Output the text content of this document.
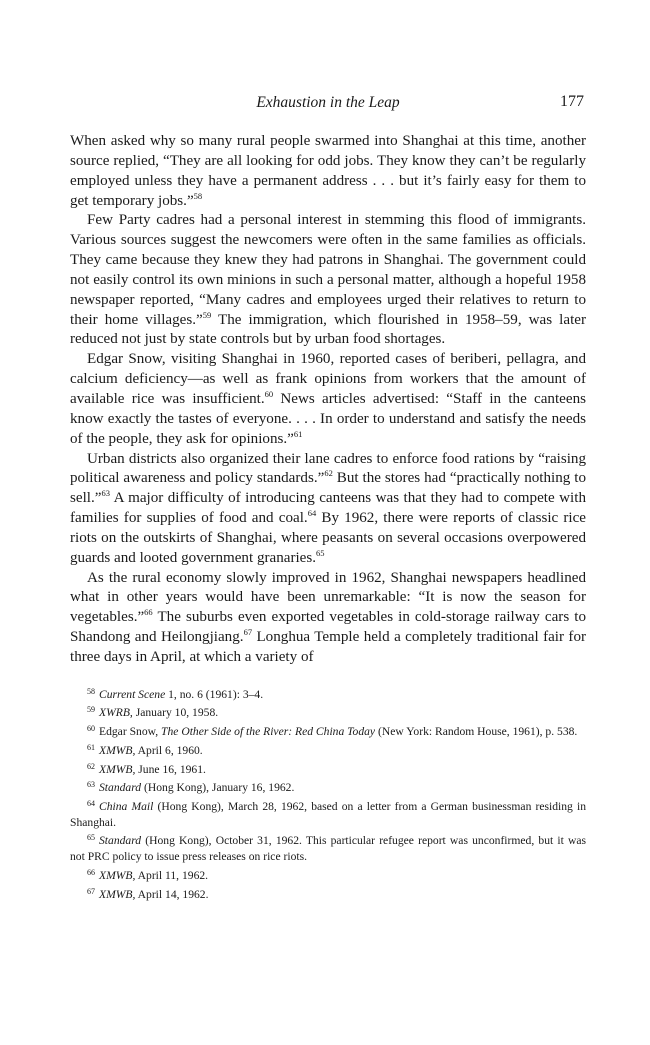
Exhaustion in the Leap	177

When asked why so many rural people swarmed into Shanghai at this time, another source replied, “They are all looking for odd jobs. They know they can’t be regularly employed unless they have a permanent address . . . but it’s fairly easy for them to get temporary jobs.”$^{58}$

Few Party cadres had a personal interest in stemming this flood of immigrants. Various sources suggest the newcomers were often in the same families as officials. They came because they knew they had patrons in Shanghai. The government could not easily control its own minions in such a personal matter, although a hopeful 1958 newspaper reported, “Many cadres and employees urged their relatives to return to their home villages.”$^{59}$ The immigration, which flourished in 1958–59, was later reduced not just by state controls but by urban food shortages.

Edgar Snow, visiting Shanghai in 1960, reported cases of beriberi, pellagra, and calcium deficiency—as well as frank opinions from workers that the amount of available rice was insufficient.$^{60}$ News articles advertised: “Staff in the canteens know exactly the tastes of everyone. . . . In order to understand and satisfy the needs of the people, they ask for opinions.”$^{61}$

Urban districts also organized their lane cadres to enforce food rations by “raising political awareness and policy standards.”$^{62}$ But the stores had “practically nothing to sell.”$^{63}$ A major difficulty of introducing canteens was that they had to compete with families for supplies of food and coal.$^{64}$ By 1962, there were reports of classic rice riots on the outskirts of Shanghai, where peasants on several occasions overpowered guards and looted government granaries.$^{65}$

As the rural economy slowly improved in 1962, Shanghai newspapers headlined what in other years would have been unremarkable: “It is now the season for vegetables.”$^{66}$ The suburbs even exported vegetables in cold-storage railway cars to Shandong and Heilongjiang.$^{67}$ Longhua Temple held a completely traditional fair for three days in April, at which a variety of

$^{58}$ Current Scene 1, no. 6 (1961): 3–4.

$^{59}$ XWRB, January 10, 1958.

$^{60}$ Edgar Snow, The Other Side of the River: Red China Today (New York: Random House, 1961), p. 538.

$^{61}$ XMWB, April 6, 1960.

$^{62}$ XMWB, June 16, 1961.

$^{63}$ Standard (Hong Kong), January 16, 1962.

$^{64}$ China Mail (Hong Kong), March 28, 1962, based on a letter from a German businessman residing in Shanghai.

$^{65}$ Standard (Hong Kong), October 31, 1962. This particular refugee report was unconfirmed, but it was not PRC policy to issue press releases on rice riots.

$^{66}$ XMWB, April 11, 1962.

$^{67}$ XMWB, April 14, 1962.
